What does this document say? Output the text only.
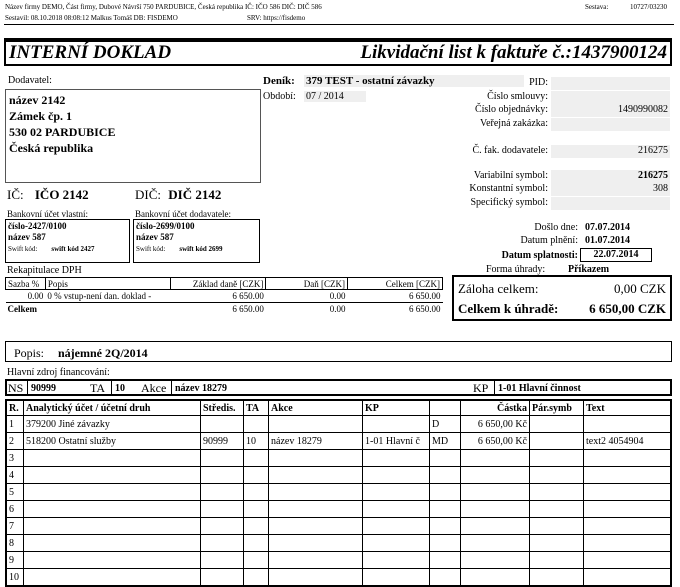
Název firmy DEMO, Část firmy, Dubové Návrší 750 PARDUBICE, Česká republika IČ: IČO 586 DIČ: DIČ 586	Sestava:	10727/03230
Sestavil: 08.10.2018 08:08:12 Malkus Tomáš DB: FISDEMO	SRV: https://fisdemo
INTERNÍ DOKLAD	Likvidační list k faktuře č.:1437900124
Dodavatel:
název 2142
Zámek čp. 1
530 02 PARDUBICE
Česká republika
IČ: IČO 2142	DIČ: DIČ 2142
Deník: 379 TEST - ostatní závazky
Období: 07 / 2014
PID:
Číslo smlouvy:
Číslo objednávky:	1490990082
Veřejná zakázka:
Č. fak. dodavatele:	216275
Variabilní symbol:	216275
Konstantní symbol:	308
Specifický symbol:
Bankovní účet vlastní:
číslo-2427/0100
název 587
Swift kód: swift kód 2427
Bankovní účet dodavatele:
číslo-2699/0100
název 587
Swift kód: swift kód 2699
Došlo dne: 07.07.2014
Datum plnění: 01.07.2014
Datum splatnosti:	22.07.2014
Forma úhrady: Příkazem
Rekapitulace DPH
Sazba %	Popis	Základ daně [CZK]	Daň [CZK]	Celkem [CZK]
0.00	0 % vstup-není dan. doklad -	6 650.00	0.00	6 650.00
Celkem		6 650.00	0.00	6 650.00
Záloha celkem:	0,00 CZK
Celkem k úhradě: 6 650,00 CZK
Popis: nájemné 2Q/2014
Hlavní zdroj financování:
NS 90999	TA 10 Akce název 18279	KP 1-01 Hlavní činnost
R.	Analytický účet / účetní druh	Středis.	TA	Akce	KP		Částka	Pár.symb	Text
1	379200 Jiné závazky					D	6 650,00 Kč		
2	518200 Ostatní služby	90999	10	název 18279	1-01 Hlavní č	MD	6 650,00 Kč		text2 4054904
3									
4									
5									
6									
7									
8									
9									
10									
